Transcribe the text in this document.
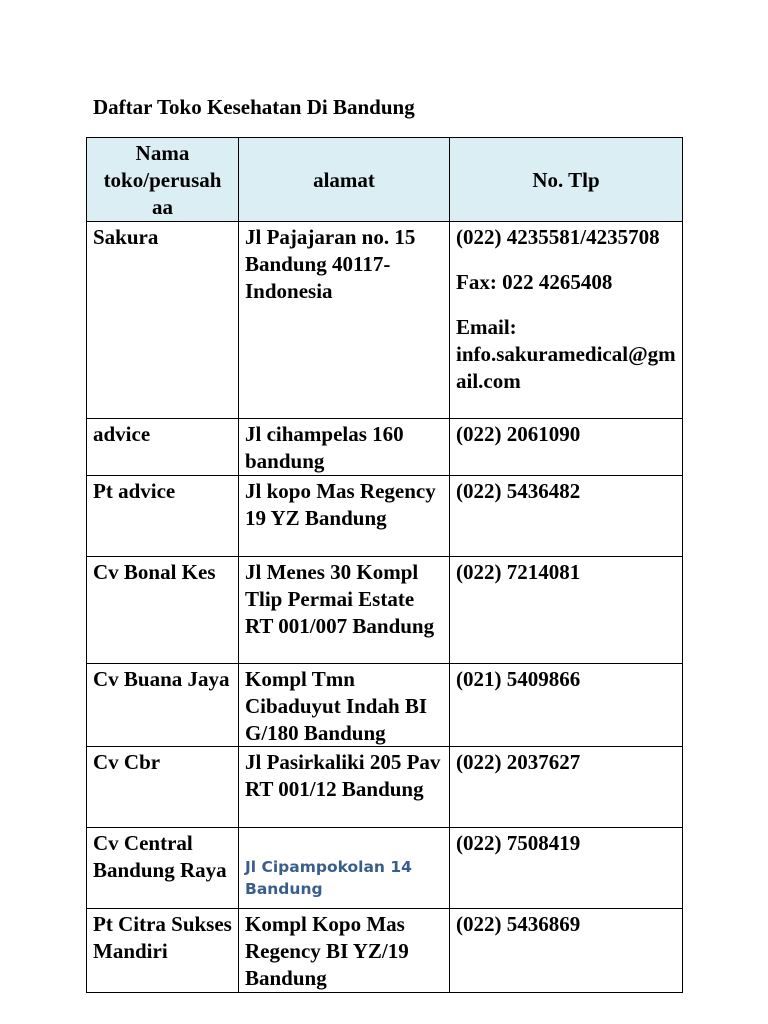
Daftar Toko Kesehatan Di Bandung
Nama toko/perusah aa	alamat	No. Tlp
Sakura	Jl Pajajaran no. 15 Bandung 40117-Indonesia	(022) 4235581/4235708
Fax: 022 4265408
Email:
info.sakuramedical@gmail.com

advice	Jl cihampelas 160 bandung	(022) 2061090
Pt advice	Jl kopo Mas Regency 19 YZ Bandung	(022) 5436482
Cv Bonal Kes	Jl Menes 30 Kompl Tlip Permai Estate RT 001/007 Bandung	(022) 7214081
Cv Buana Jaya	Kompl Tmn Cibaduyut Indah BI G/180 Bandung	(021) 5409866
Cv Cbr	Jl Pasirkaliki 205 Pav RT 001/12 Bandung	(022) 2037627
Cv Central Bandung Raya	Jl Cipampokolan 14 Bandung	(022) 7508419
Pt Citra Sukses Mandiri	Kompl Kopo Mas Regency BI YZ/19 Bandung	(022) 5436869
